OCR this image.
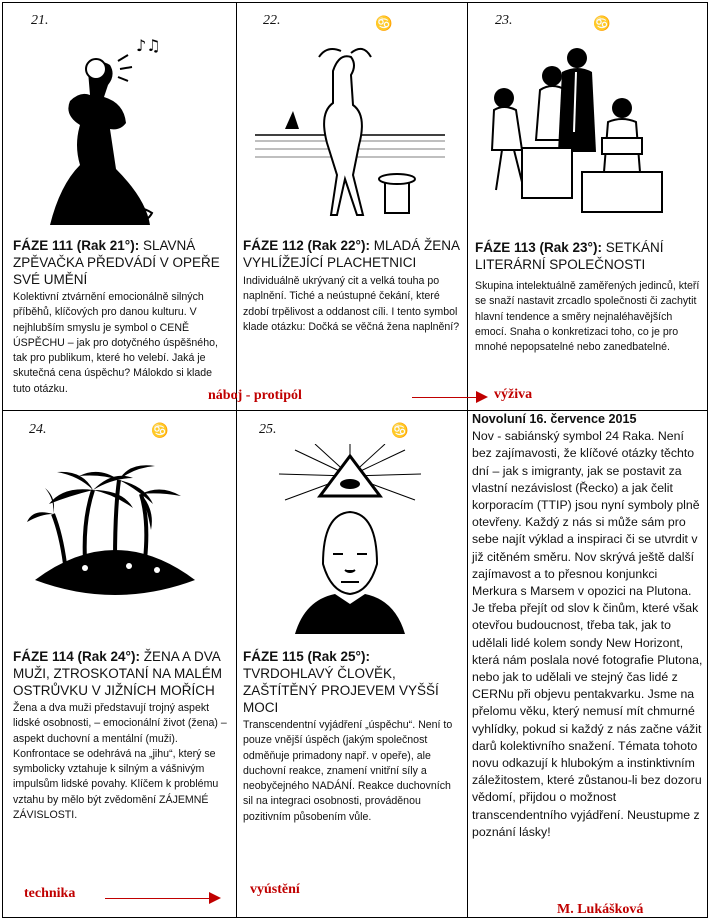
21.
♪♫
FÁZE 111 (Rak 21°): SLAVNÁ ZPĚVAČKA PŘEDVÁDÍ V OPEŘE SVÉ UMĚNÍ
Kolektivní ztvárnění emocionálně silných příběhů, klíčových pro danou kulturu. V nejhlubším smyslu je symbol o CENĚ ÚSPĚCHU – jak pro dotyčného úspěšného, tak pro publikum, které ho velebí. Jaká je skutečná cena úspěchu? Málokdo si klade tuto otázku.
22.	♋
FÁZE 112 (Rak 22°): MLADÁ ŽENA VYHLÍŽEJÍCÍ PLACHETNICI
Individuálně ukrývaný cit a velká touha po naplnění. Tiché a neústupné čekání, které zdobí trpělivost a oddanost cíli. I tento symbol klade otázku: Dočká se věčná žena naplnění?
23.	♋
FÁZE 113 (Rak 23°): SETKÁNÍ LITERÁRNÍ SPOLEČNOSTI
Skupina intelektuálně zaměřených jedinců, kteří se snaží nastavit zrcadlo společnosti či zachytit hlavní tendence a směry nejnaléhavějších emocí. Snaha o konkretizaci toho, co je pro mnohé nepopsatelné nebo zanedbatelné.
24.	♋
FÁZE 114 (Rak 24°): ŽENA A DVA MUŽI, ZTROSKOTANÍ NA MALÉM OSTRŮVKU V JIŽNÍCH MOŘÍCH
Žena a dva muži představují trojný aspekt lidské osobnosti, – emocionální život (žena) – aspekt duchovní a mentální (muži). Konfrontace se odehrává na „jihu“, který se symbolicky vztahuje k silným a vášnivým impulsům lidské povahy. Klíčem k problému vztahu by mělo být zvědomění ZÁJEMNÉ ZÁVISLOSTI.
25.	♋
FÁZE 115 (Rak 25°): TVRDOHLAVÝ ČLOVĚK, ZAŠTÍTĚNÝ PROJEVEM VYŠŠÍ MOCI
Transcendentní vyjádření „úspěchu“. Není to pouze vnější úspěch (jakým společnost odměňuje primadony např. v opeře), ale duchovní reakce, znamení vnitřní síly a neobyčejného NADÁNÍ. Reakce duchovních sil na integraci osobnosti, prováděnou pozitivním působením vůle.
Novoluní 16. července 2015
Nov - sabiánský symbol 24 Raka. Není bez zajímavosti, že klíčové otázky těchto dní – jak s imigranty, jak se postavit za vlastní nezávislost (Řecko) a jak čelit korporacím (TTIP) jsou nyní symboly plně otevřeny. Každý z nás si může sám pro sebe najít výklad a inspiraci či se utvrdit v již citěném směru. Nov skrývá ještě další zajímavost a to přesnou konjunkci Merkura s Marsem v opozici na Plutona. Je třeba přejít od slov k činům, které však otevřou budoucnost, třeba tak, jak to udělali lidé kolem sondy New Horizont, která nám poslala nové fotografie Plutona, nebo jak to udělali ve stejný čas lidé z CERNu při objevu pentakvarku. Jsme na přelomu věku, který nemusí mít chmurné vyhlídky, pokud si každý z nás začne vážit darů kolektivního snažení. Témata tohoto novu odkazují k hlubokým a instinktivním záležitostem, které zůstanou-li bez dozoru vědomí, přijdou o možnost transcendentního vyjádření. Neustupme z poznání lásky!
náboj - protipól	výživa
technika	vyústění
M. Lukášková
